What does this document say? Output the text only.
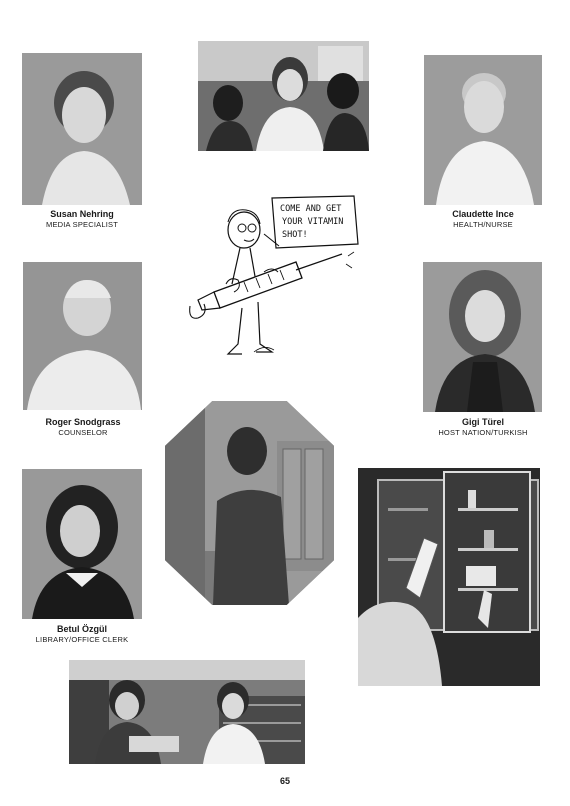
Susan Nehring
MEDIA SPECIALIST
Claudette Ince
HEALTH/NURSE
COME AND GET
YOUR VITAMIN
SHOT!
Roger Snodgrass
COUNSELOR
Gigi Türel
HOST NATION/TURKISH
Betul Özgül
LIBRARY/OFFICE CLERK
65
